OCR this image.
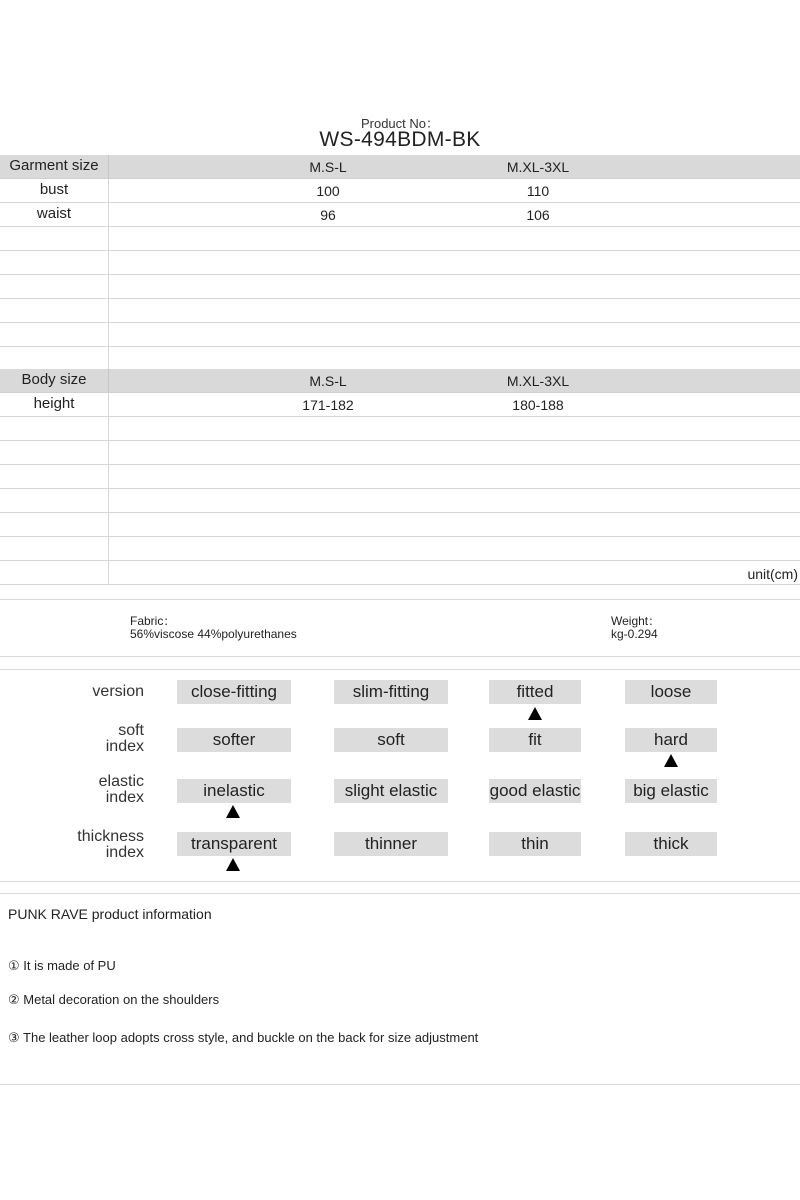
Product No：
WS-494BDM-BK
Garment size	M.S-L	M.XL-3XL
bust	100	110
waist	96	106
Body size	M.S-L	M.XL-3XL
height	171-182	180-188
unit(cm)
Fabric：
56%viscose 44%polyurethanes
Weight：
kg-0.294
version	close-fitting	slim-fitting	fitted	loose
soft
index	softer	soft	fit	hard
elastic
index	inelastic	slight elastic	good elastic	big elastic
thickness
index	transparent	thinner	thin	thick
PUNK RAVE product information
① It is made of PU
② Metal decoration on the shoulders
③ The leather loop adopts cross style, and buckle on the back for size adjustment
